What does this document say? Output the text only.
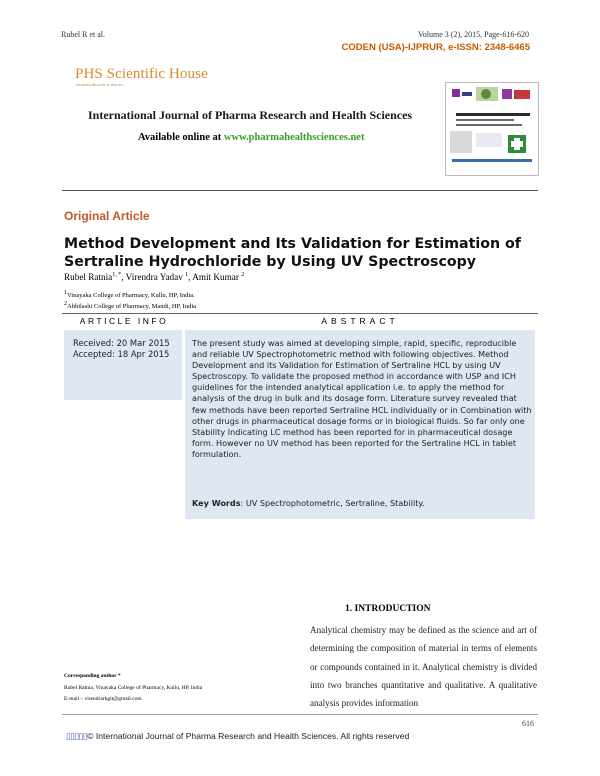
Rubel R et al.	Volume 3 (2), 2015, Page-616-620
CODEN (USA)-IJPRUR, e-ISSN: 2348-6465
PHS Scientific House
PHARMA HEALTH SCIENCES
International Journal of Pharma Research and Health Sciences
Available online at www.pharmahealthsciences.net
Original Article
Method Development and Its Validation for Estimation of Sertraline Hydrochloride by Using UV Spectroscopy
Rubel Ratnia$^{1, *}$, Virendra Yadav $^1$, Amit Kumar $^2$
$^1$Vinayaka College of Pharmacy, Kullu, HP, India.
$^2$Abhilashi College of Pharmacy, Mandi, HP, India
ARTICLE INFO	ABSTRACT
Received: 20 Mar 2015
Accepted: 18 Apr 2015
The present study was aimed at developing simple, rapid, specific, reproducible and reliable UV Spectrophotometric method with following objectives. Method Development and its Validation for Estimation of Sertraline HCL by using UV Spectroscopy. To validate the proposed method in accordance with USP and ICH guidelines for the intended analytical application i.e. to apply the method for analysis of the drug in bulk and its dosage form. Literature survey revealed that few methods have been reported Sertraline HCL individually or in Combination with other drugs in pharmaceutical dosage forms or in biological fluids. So far only one Stability Indicating LC method has been reported for in pharmaceutical dosage form. However no UV method has been reported for the Sertraline HCL in tablet formulation.
Key Words: UV Spectrophotometric, Sertraline, Stability.
1. INTRODUCTION
Analytical chemistry may be defined as the science and art of determining the composition of material in terms of elements or compounds contained in it. Analytical chemistry is divided into two branches quantitative and qualitative. A qualitative analysis provides information
Corresponding author *
Rubel Ratnia, Vinayaka College of Pharmacy, Kullu, HP, India
E-mail – virendrarkgit@gmail.com
616
▯▯▯▯▯© International Journal of Pharma Research and Health Sciences. All rights reserved
